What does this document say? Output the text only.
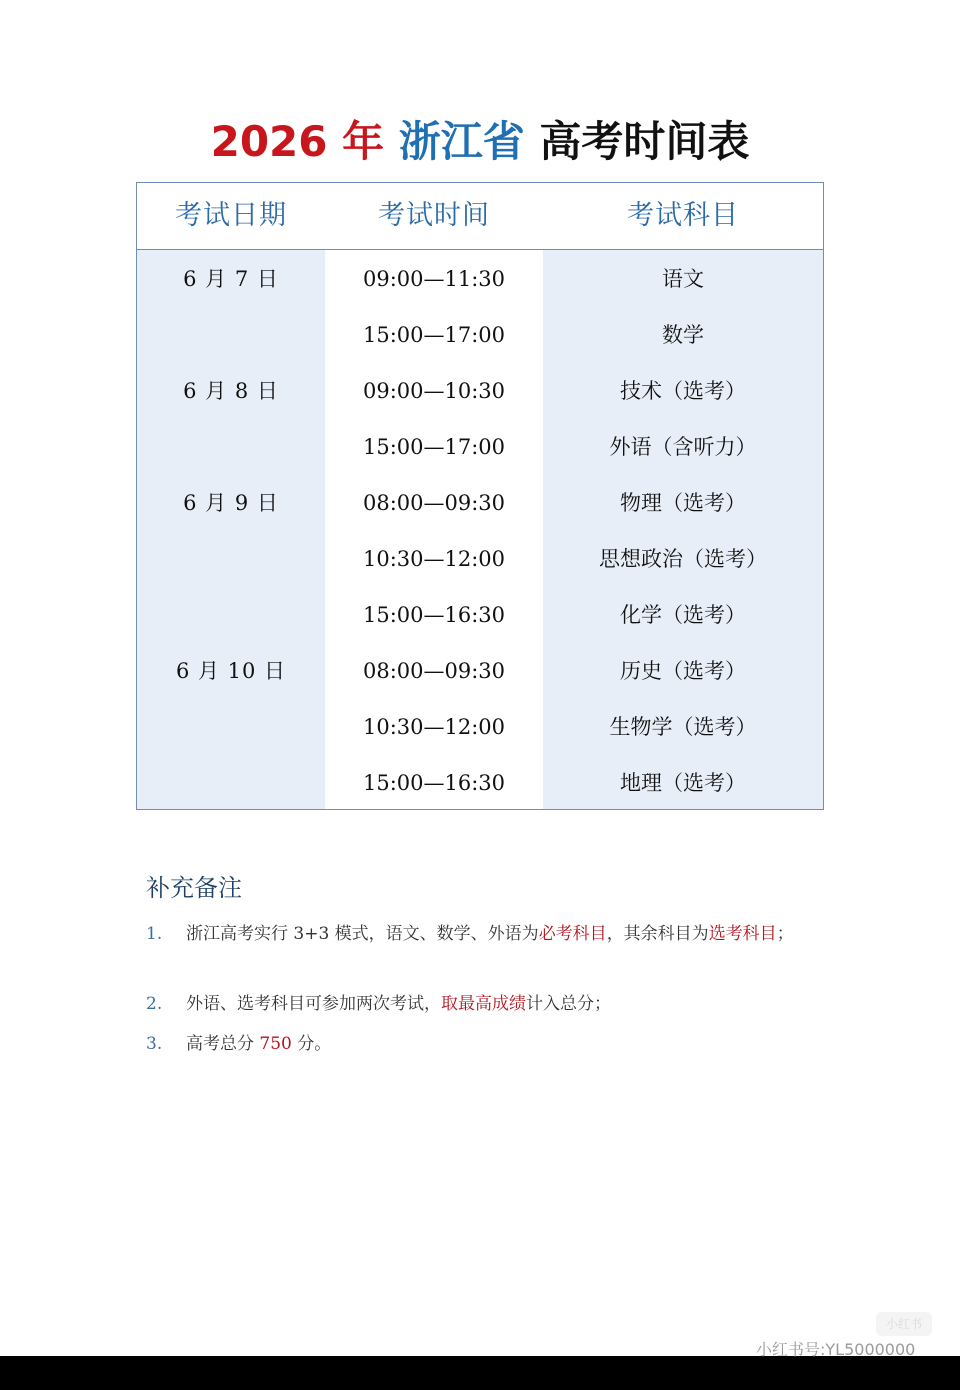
2026 年 浙江省 高考时间表
考试日期	考试时间	考试科目
6 月 7 日	09:00—11:30	语文
15:00—17:00	数学
6 月 8 日	09:00—10:30	技术（选考）
15:00—17:00	外语（含听力）
6 月 9 日	08:00—09:30	物理（选考）
10:30—12:00	思想政治（选考）
15:00—16:30	化学（选考）
6 月 10 日	08:00—09:30	历史（选考）
10:30—12:00	生物学（选考）
15:00—16:30	地理（选考）
补充备注
1. 浙江高考实行 3+3 模式，语文、数学、外语为必考科目，其余科目为选考科目；
2. 外语、选考科目可参加两次考试，取最高成绩计入总分；
3. 高考总分 750 分。
小红书
小红书号:YL5000000
